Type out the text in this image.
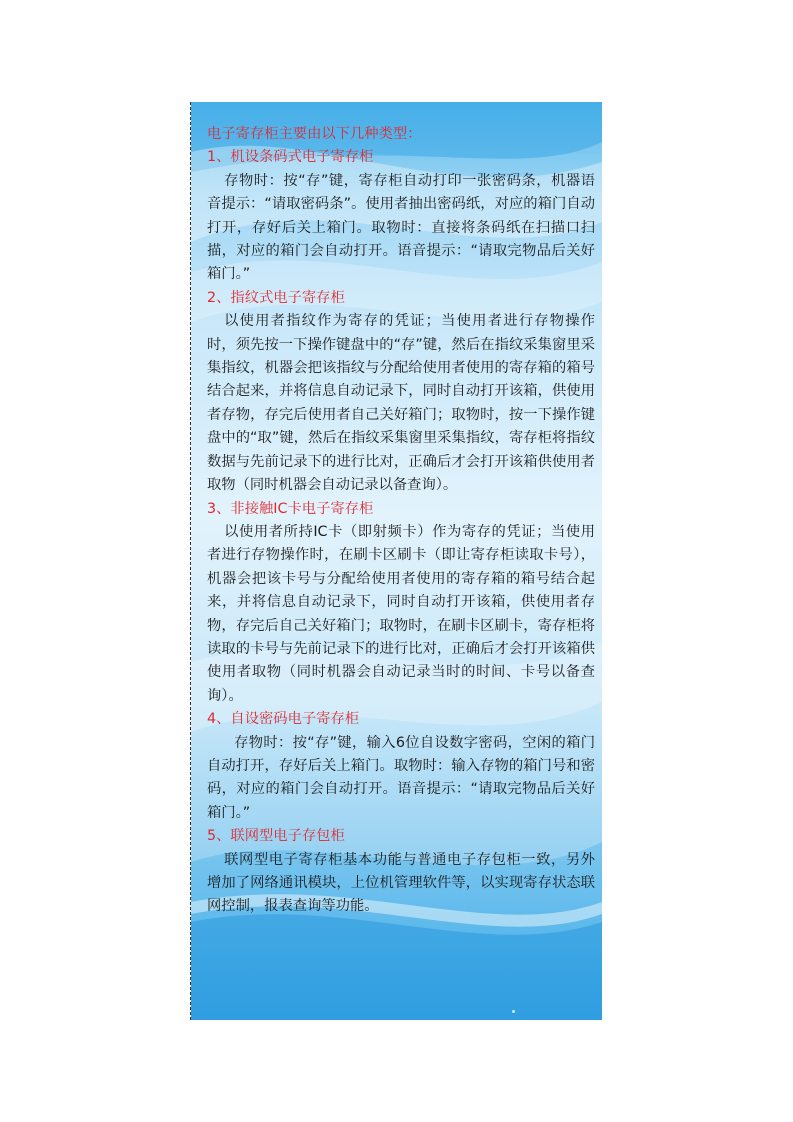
电子寄存柜主要由以下几种类型：

1、机设条码式电子寄存柜

存物时：按“存”键，寄存柜自动打印一张密码条，机器语音提示：“请取密码条”。使用者抽出密码纸，对应的箱门自动打开，存好后关上箱门。取物时：直接将条码纸在扫描口扫描，对应的箱门会自动打开。语音提示：“请取完物品后关好箱门。”

2、指纹式电子寄存柜

以使用者指纹作为寄存的凭证；当使用者进行存物操作时，须先按一下操作键盘中的“存”键，然后在指纹采集窗里采集指纹，机器会把该指纹与分配给使用者使用的寄存箱的箱号结合起来，并将信息自动记录下，同时自动打开该箱，供使用者存物，存完后使用者自己关好箱门；取物时，按一下操作键盘中的“取”键，然后在指纹采集窗里采集指纹，寄存柜将指纹数据与先前记录下的进行比对，正确后才会打开该箱供使用者取物（同时机器会自动记录以备查询）。

3、非接触IC卡电子寄存柜

以使用者所持IC卡（即射频卡）作为寄存的凭证；当使用者进行存物操作时，在刷卡区刷卡（即让寄存柜读取卡号），机器会把该卡号与分配给使用者使用的寄存箱的箱号结合起来，并将信息自动记录下，同时自动打开该箱，供使用者存物，存完后自己关好箱门；取物时，在刷卡区刷卡，寄存柜将读取的卡号与先前记录下的进行比对，正确后才会打开该箱供使用者取物（同时机器会自动记录当时的时间、卡号以备查询）。

4、自设密码电子寄存柜

存物时：按“存”键，输入6位自设数字密码，空闲的箱门自动打开，存好后关上箱门。取物时：输入存物的箱门号和密码，对应的箱门会自动打开。语音提示：“请取完物品后关好箱门。”

5、联网型电子存包柜

联网型电子寄存柜基本功能与普通电子存包柜一致，另外增加了网络通讯模块，上位机管理软件等，以实现寄存状态联网控制，报表查询等功能。
